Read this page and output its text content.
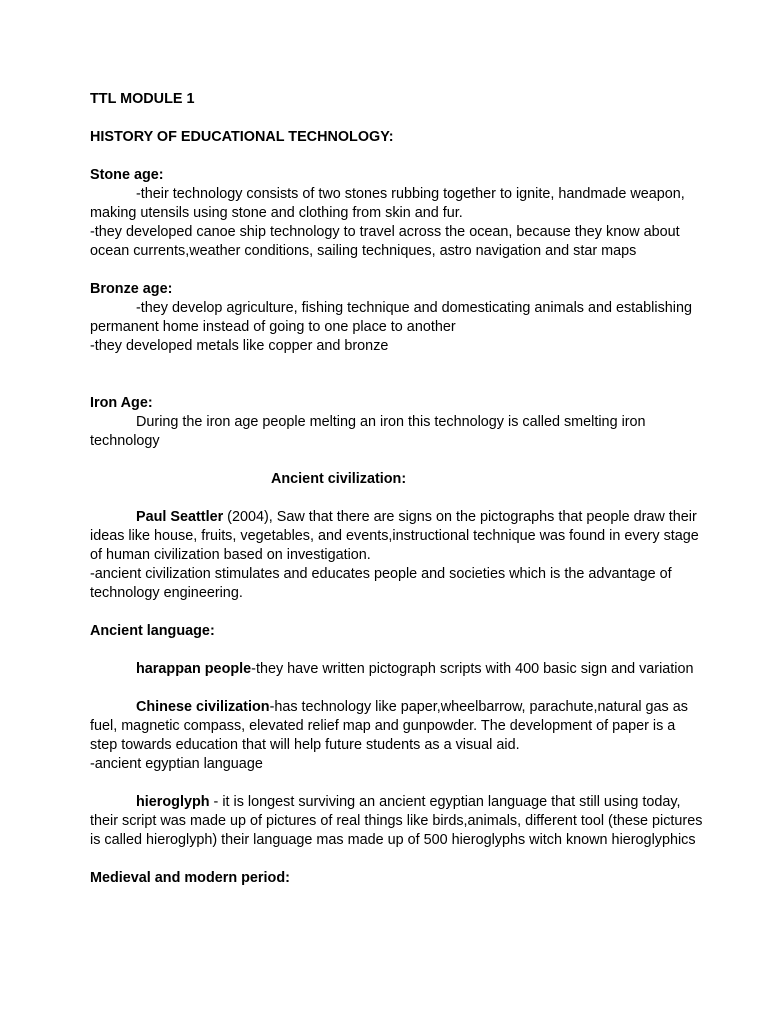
TTL MODULE 1

HISTORY OF EDUCATIONAL TECHNOLOGY:

Stone age:

-their technology consists of two stones rubbing together to ignite, handmade weapon,

making utensils using stone and clothing from skin and fur.

-they developed canoe ship technology to travel across the ocean, because they know about

ocean currents,weather conditions, sailing techniques, astro navigation and star maps

Bronze age:

-they develop agriculture, fishing technique and domesticating animals and establishing

permanent home instead of going to one place to another

-they developed metals like copper and bronze

Iron Age:

During the iron age people melting an iron this technology is called smelting iron

technology

Ancient civilization:

Paul Seattler (2004), Saw that there are signs on the pictographs that people draw their

ideas like house, fruits, vegetables, and events,instructional technique was found in every stage

of human civilization based on investigation.

-ancient civilization stimulates and educates people and societies which is the advantage of

technology engineering.

Ancient language:

harappan people-they have written pictograph scripts with 400 basic sign and variation

Chinese civilization-has technology like paper,wheelbarrow, parachute,natural gas as

fuel, magnetic compass, elevated relief map and gunpowder. The development of paper is a

step towards education that will help future students as a visual aid.

-ancient egyptian language

hieroglyph - it is longest surviving an ancient egyptian language that still using today,

their script was made up of pictures of real things like birds,animals, different tool (these pictures

is called hieroglyph) their language mas made up of 500 hieroglyphs witch known hieroglyphics

Medieval and modern period:
